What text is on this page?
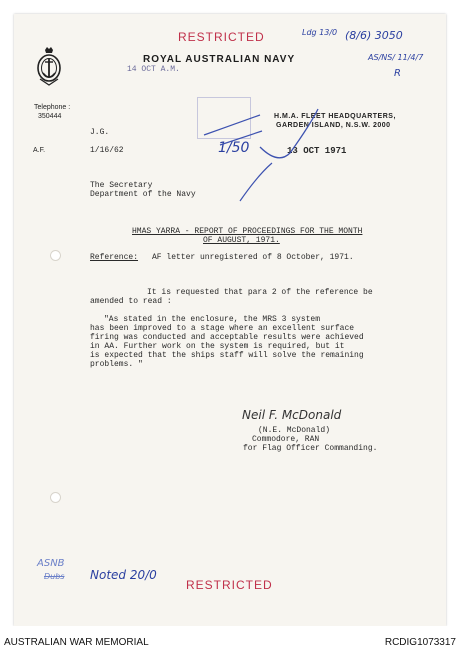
Telephone :
350444
ROYAL AUSTRALIAN NAVY
RESTRICTED
14 OCT A.M.
Ldg 13/0 (8/6) 3050
AS/NS/ 11/4/7
R
H.M.A. FLEET HEADQUARTERS,
GARDEN ISLAND, N.S.W. 2000
J.G.
A.F.	1/16/62	1/50	13 OCT 1971
The Secretary
Department of the Navy
HMAS YARRA - REPORT OF PROCEEDINGS FOR THE MONTH
OF AUGUST, 1971.
Reference: AF letter unregistered of 8 October, 1971.
It is requested that para 2 of the reference be
amended to read :
"As stated in the enclosure, the MRS 3 system
has been improved to a stage where an excellent surface
firing was conducted and acceptable results were achieved
in AA. Further work on the system is required, but it
is expected that the ships staff will solve the remaining
problems. "
Neil F. McDonald
(N.E. McDonald)
Commodore, RAN
for Flag Officer Commanding.
ASNB
Dubs Noted 20/0
RESTRICTED
AUSTRALIAN WAR MEMORIAL	RCDIG1073317
